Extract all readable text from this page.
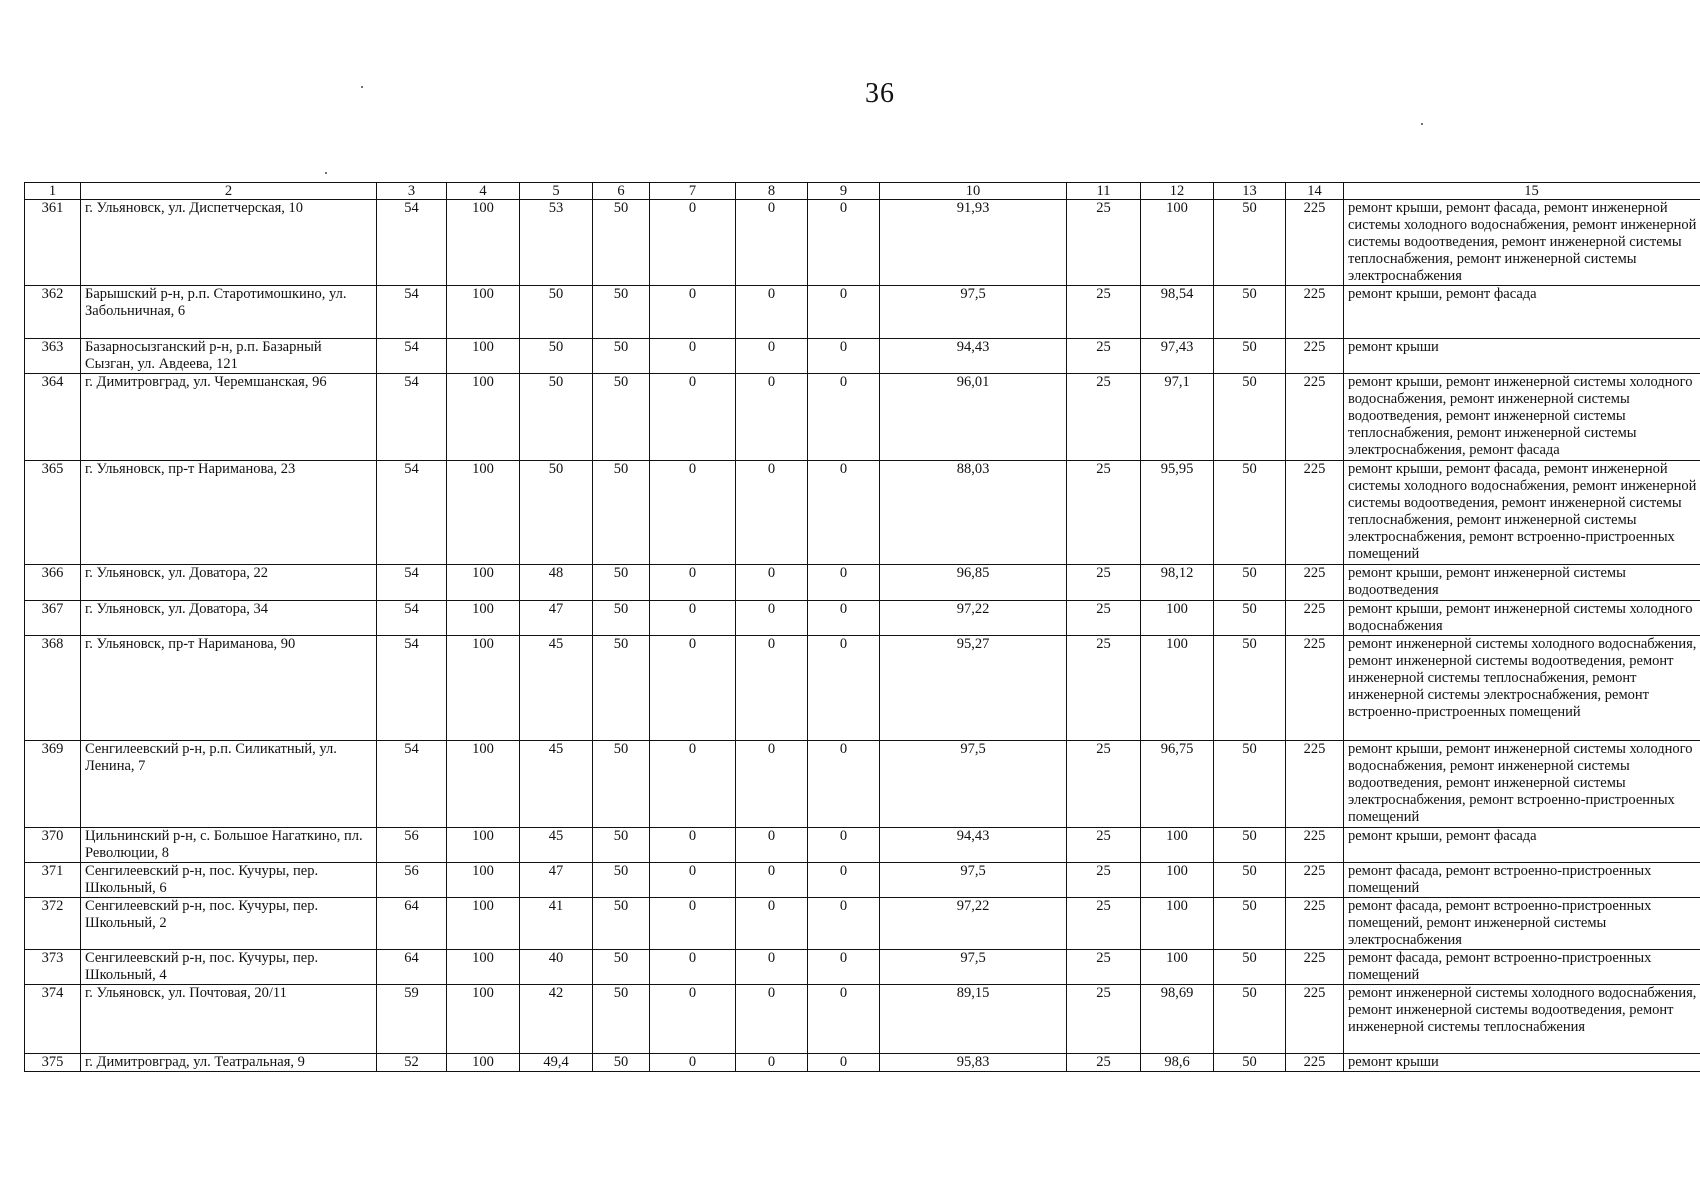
36
1	2	3	4	5	6	7	8	9	10	11	12	13	14	15
361	г. Ульяновск, ул. Диспетчерская, 10	54	100	53	50	0	0	0	91,93	25	100	50	225	ремонт крыши, ремонт фасада, ремонт инженерной системы холодного водоснабжения, ремонт инженерной системы водоотведения, ремонт инженерной системы теплоснабжения, ремонт инженерной системы электроснабжения
362	Барышский р-н, р.п. Старотимошкино, ул. Забольничная, 6	54	100	50	50	0	0	0	97,5	25	98,54	50	225	ремонт крыши, ремонт фасада
363	Базарносызганский р-н, р.п. Базарный Сызган, ул. Авдеева, 121	54	100	50	50	0	0	0	94,43	25	97,43	50	225	ремонт крыши
364	г. Димитровград, ул. Черемшанская, 96	54	100	50	50	0	0	0	96,01	25	97,1	50	225	ремонт крыши, ремонт инженерной системы холодного водоснабжения, ремонт инженерной системы водоотведения, ремонт инженерной системы теплоснабжения, ремонт инженерной системы электроснабжения, ремонт фасада
365	г. Ульяновск, пр-т Нариманова, 23	54	100	50	50	0	0	0	88,03	25	95,95	50	225	ремонт крыши, ремонт фасада, ремонт инженерной системы холодного водоснабжения, ремонт инженерной системы водоотведения, ремонт инженерной системы теплоснабжения, ремонт инженерной системы электроснабжения, ремонт встроенно-пристроенных помещений
366	г. Ульяновск, ул. Доватора, 22	54	100	48	50	0	0	0	96,85	25	98,12	50	225	ремонт крыши, ремонт инженерной системы водоотведения
367	г. Ульяновск, ул. Доватора, 34	54	100	47	50	0	0	0	97,22	25	100	50	225	ремонт крыши, ремонт инженерной системы холодного водоснабжения
368	г. Ульяновск, пр-т Нариманова, 90	54	100	45	50	0	0	0	95,27	25	100	50	225	ремонт инженерной системы холодного водоснабжения, ремонт инженерной системы водоотведения, ремонт инженерной системы теплоснабжения, ремонт инженерной системы электроснабжения, ремонт встроенно-пристроенных помещений
369	Сенгилеевский р-н, р.п. Силикатный, ул. Ленина, 7	54	100	45	50	0	0	0	97,5	25	96,75	50	225	ремонт крыши, ремонт инженерной системы холодного водоснабжения, ремонт инженерной системы водоотведения, ремонт инженерной системы электроснабжения, ремонт встроенно-пристроенных помещений
370	Цильнинский р-н, с. Большое Нагаткино, пл. Революции, 8	56	100	45	50	0	0	0	94,43	25	100	50	225	ремонт крыши, ремонт фасада
371	Сенгилеевский р-н, пос. Кучуры, пер. Школьный, 6	56	100	47	50	0	0	0	97,5	25	100	50	225	ремонт фасада, ремонт встроенно-пристроенных помещений
372	Сенгилеевский р-н, пос. Кучуры, пер. Школьный, 2	64	100	41	50	0	0	0	97,22	25	100	50	225	ремонт фасада, ремонт встроенно-пристроенных помещений, ремонт инженерной системы электроснабжения
373	Сенгилеевский р-н, пос. Кучуры, пер. Школьный, 4	64	100	40	50	0	0	0	97,5	25	100	50	225	ремонт фасада, ремонт встроенно-пристроенных помещений
374	г. Ульяновск, ул. Почтовая, 20/11	59	100	42	50	0	0	0	89,15	25	98,69	50	225	ремонт инженерной системы холодного водоснабжения, ремонт инженерной системы водоотведения, ремонт инженерной системы теплоснабжения
375	г. Димитровград, ул. Театральная, 9	52	100	49,4	50	0	0	0	95,83	25	98,6	50	225	ремонт крыши
